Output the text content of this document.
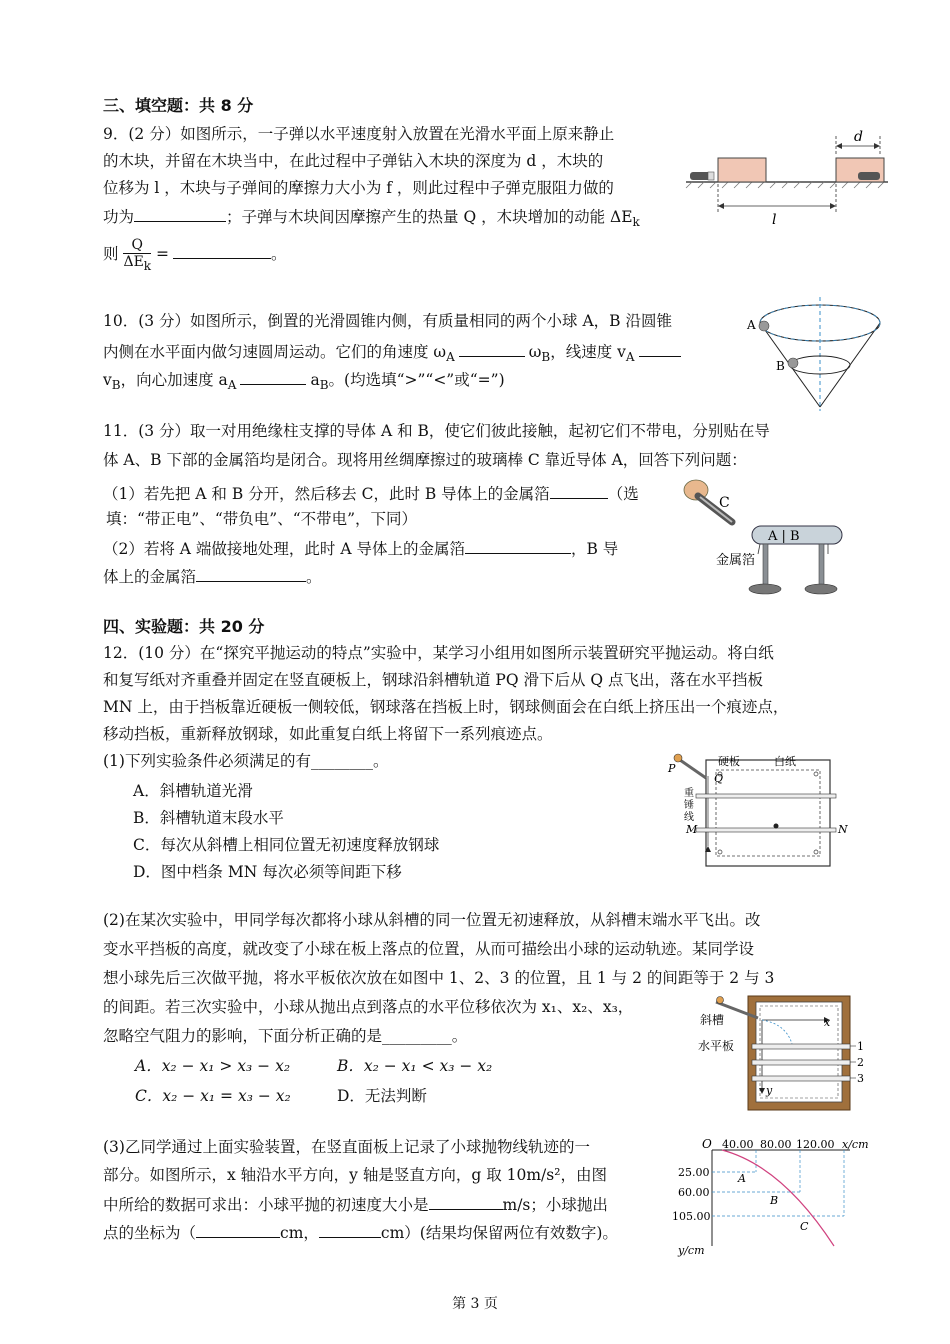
三、填空题：共 8 分
9．(2 分）如图所示，一子弹以水平速度射入放置在光滑水平面上原来静止
的木块，并留在木块当中，在此过程中子弹钻入木块的深度为 d ，木块的
位移为 l ，木块与子弹间的摩擦力大小为 f ，则此过程中子弹克服阻力做的
功为	；子弹与木块间因摩擦产生的热量 Q ，木块增加的动能 $\Delta E_k$
则 $\frac{Q}{\Delta E_k}$ =	。
d
l
10．(3 分）如图所示，倒置的光滑圆锥内侧，有质量相同的两个小球 A，B 沿圆锥
内侧在水平面内做匀速圆周运动。它们的角速度 $\omega_A$	$\omega_B$，线速度 $v_A$
$v_B$，向心加速度 $a_A$	$a_B$。(均选填“>”“<”或“=”)
A
B
11．(3 分）取一对用绝缘柱支撑的导体 A 和 B，使它们彼此接触，起初它们不带电，分别贴在导
体 A、B 下部的金属箔均是闭合。现将用丝绸摩擦过的玻璃棒 C 靠近导体 A，回答下列问题：
（1）若先把 A 和 B 分开，然后移去 C，此时 B 导体上的金属箔	（选
填：“带正电”、“带负电”、“不带电”，下同）
（2）若将 A 端做接地处理，此时 A 导体上的金属箔	，B 导
体上的金属箔	。
C
A | B
金属箔
四、实验题：共 20 分
12．(10 分）在“探究平抛运动的特点”实验中，某学习小组用如图所示装置研究平抛运动。将白纸
和复写纸对齐重叠并固定在竖直硬板上，钢球沿斜槽轨道 PQ 滑下后从 Q 点飞出，落在水平挡板
MN 上，由于挡板靠近硬板一侧较低，钢球落在挡板上时，钢球侧面会在白纸上挤压出一个痕迹点，
移动挡板，重新释放钢球，如此重复白纸上将留下一系列痕迹点。
(1)下列实验条件必须满足的有________。
A．斜槽轨道光滑
B．斜槽轨道末段水平
C．每次从斜槽上相同位置无初速度释放钢球
D．图中档条 MN 每次必须等间距下移
硬板	白纸
P
Q
重
锤
线
M	N
(2)在某次实验中，甲同学每次都将小球从斜槽的同一位置无初速释放，从斜槽末端水平飞出。改
变水平挡板的高度，就改变了小球在板上落点的位置，从而可描绘出小球的运动轨迹。某同学设
想小球先后三次做平抛，将水平板依次放在如图中 1、2、3 的位置，且 1 与 2 的间距等于 2 与 3
的间距。若三次实验中，小球从抛出点到落点的水平位移依次为 x₁、x₂、x₃，
忽略空气阻力的影响，下面分析正确的是_________。
A．x₂ − x₁ > x₃ − x₂	B．x₂ − x₁ < x₃ − x₂
C．x₂ − x₁ = x₃ − x₂	D．无法判断
斜槽	x
y
水平板	1
2
3
(3)乙同学通过上面实验装置，在竖直面板上记录了小球抛物线轨迹的一
部分。如图所示，x 轴沿水平方向，y 轴是竖直方向，g 取 10m/s²，由图
中所给的数据可求出：小球平抛的初速度大小是	m/s；小球抛出
点的坐标为（	cm，	cm）(结果均保留两位有效数字)。
O	x/cm
y/cm
40.00 80.00 120.00
25.00
60.00
105.00
A
B
C
第 3 页
